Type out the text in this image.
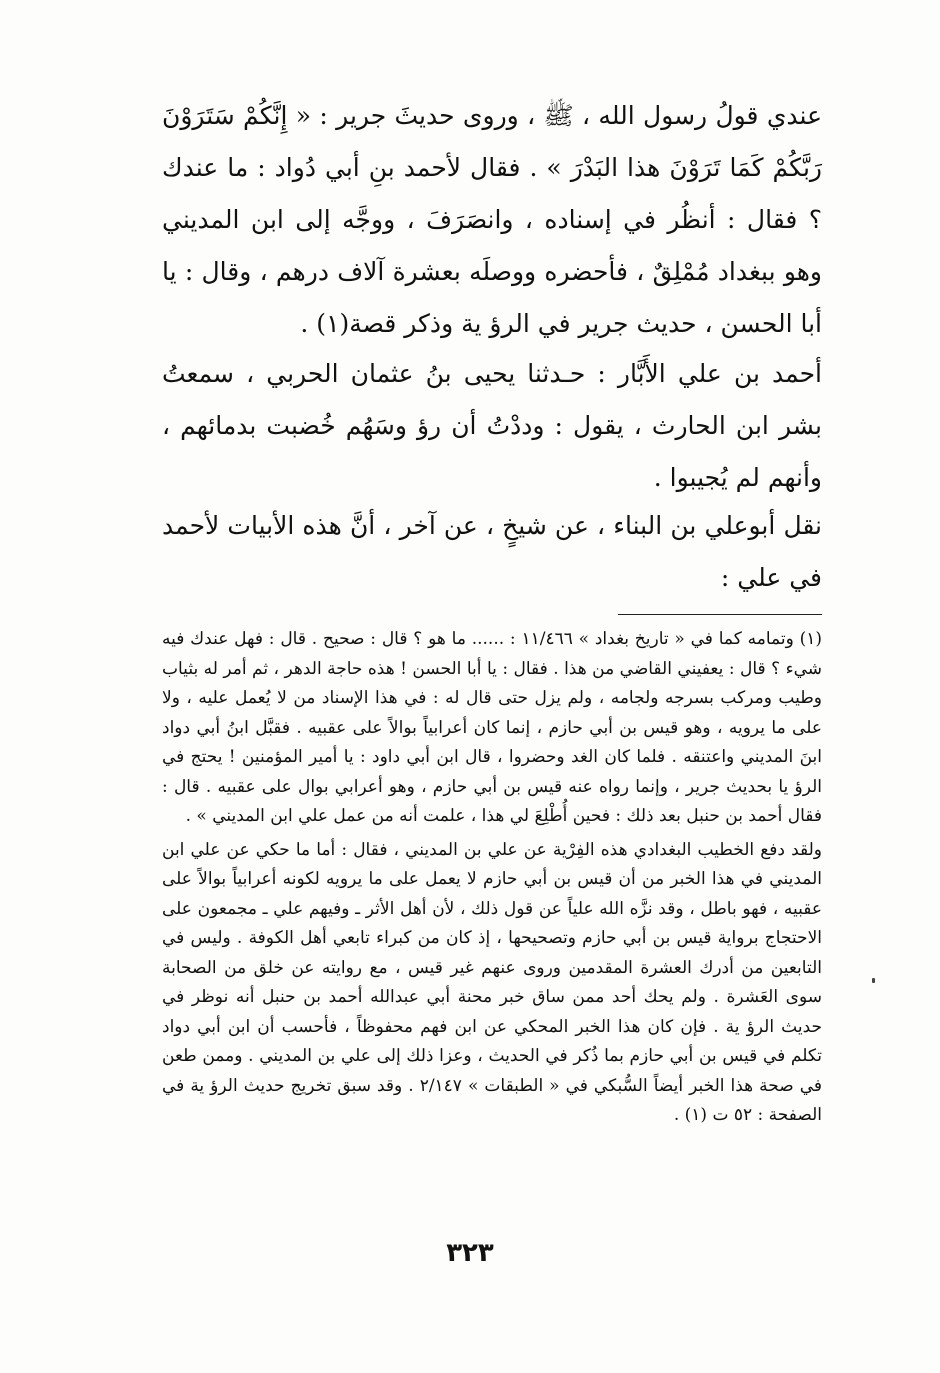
عندي قولُ رسول الله ، ﷺ ، وروى حديثَ جرير : « إِنَّكُمْ سَتَرَوْنَ رَبَّكُمْ كَمَا تَرَوْنَ هذا البَدْرَ » . فقال لأحمد بنِ أبي دُواد : ما عندك ؟ فقال : أنظُر في إسناده ، وانصَرَفَ ، ووجَّه إلى ابن المديني وهو ببغداد مُمْلِقٌ ، فأحضره ووصلَه بعشرة آلاف درهم ، وقال : يا أبا الحسن ، حديث جرير في الرؤ ية وذكر قصة(١) .

أحمد بن علي الأَبَّار : حـدثنا يحيى بنُ عثمان الحربي ، سمعتُ بشر ابن الحارث ، يقول : وددْتُ أن رؤ وسَهُم خُضبت بدمائهم ، وأنهم لم يُجيبوا .

نقل أبوعلي بن البناء ، عن شيخٍ ، عن آخر ، أنَّ هذه الأبيات لأحمد في علي :

(١) وتمامه كما في « تاريخ بغداد » ١١/٤٦٦ : ...... ما هو ؟ قال : صحيح . قال : فهل عندك فيه شيء ؟ قال : يعفيني القاضي من هذا . فقال : يا أبا الحسن ! هذه حاجة الدهر ، ثم أمر له بثياب وطيب ومركب بسرجه ولجامه ، ولم يزل حتى قال له : في هذا الإسناد من لا يُعمل عليه ، ولا على ما يرويه ، وهو قيس بن أبي حازم ، إنما كان أعرابياً بوالاً على عقبيه . فقبَّل ابنُ أبي دواد ابنَ المديني واعتنقه . فلما كان الغد وحضروا ، قال ابن أبي داود : يا أمير المؤمنين ! يحتج في الرؤ يا بحديث جرير ، وإنما رواه عنه قيس بن أبي حازم ، وهو أعرابي بوال على عقبيه . قال : فقال أحمد بن حنبل بعد ذلك : فحين أُطْلِعَ لي هذا ، علمت أنه من عمل علي ابن المديني » .

ولقد دفع الخطيب البغدادي هذه الفِرْية عن علي بن المديني ، فقال : أما ما حكي عن علي ابن المديني في هذا الخبر من أن قيس بن أبي حازم لا يعمل على ما يرويه لكونه أعرابياً بوالاً على عقبيه ، فهو باطل ، وقد نزَّه الله علياً عن قول ذلك ، لأن أهل الأثر ـ وفيهم علي ـ مجمعون على الاحتجاج برواية قيس بن أبي حازم وتصحيحها ، إذ كان من كبراء تابعي أهل الكوفة . وليس في التابعين من أدرك العشرة المقدمين وروى عنهم غير قيس ، مع روايته عن خلق من الصحابة سوى العَشرة . ولم يحك أحد ممن ساق خبر محنة أبي عبدالله أحمد بن حنبل أنه نوظر في حديث الرؤ ية . فإن كان هذا الخبر المحكي عن ابن فهم محفوظاً ، فأحسب أن ابن أبي دواد تكلم في قيس بن أبي حازم بما ذُكر في الحديث ، وعزا ذلك إلى علي بن المديني . وممن طعن في صحة هذا الخبر أيضاً السُّبكي في « الطبقات » ٢/١٤٧ . وقد سبق تخريج حديث الرؤ ية في الصفحة : ٥٢ ت (١) .

٣٢٣
